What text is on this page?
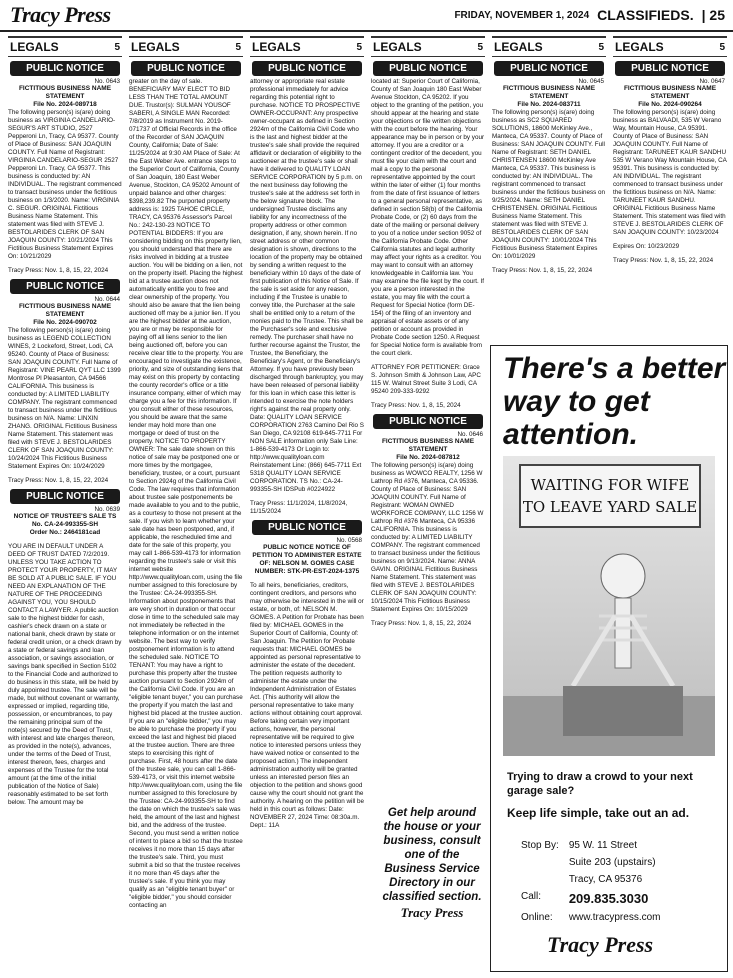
Tracy Press	FRIDAY, NOVEMBER 1, 2024 CLASSIFIEDS. | 25
LEGALS	5
PUBLIC NOTICE

No. 0643

FICTITIOUS BUSINESS NAME STATEMENT

File No. 2024-089718

The following person(s) is(are) doing business as VIRGINIA CANDELARIO-SEGUR'S ART STUDIO, 2527 Pepperoni Ln, Tracy, CA 95377. County of Place of Business: SAN JOAQUIN COUNTY. Full Name of Registrant: VIRGINIA CANDELARIO-SEGUR 2527 Pepperoni Ln. Tracy, CA 95377. This business is conducted by: AN INDIVIDUAL. The registrant commenced to transact business under the fictitious business on 1/3/2020. Name: VIRGINIA C. SEGUR. ORIGINAL Fictitious Business Name Statement. This statement was filed with STEVE J. BESTOLARIDES CLERK OF SAN JOAQUIN COUNTY: 10/21/2024 This Fictitious Business Statement Expires On: 10/21/2029

Tracy Press: Nov. 1, 8, 15, 22, 2024

PUBLIC NOTICE

No. 0644

FICTITIOUS BUSINESS NAME STATEMENT

File No. 2024-090702

The following person(s) is(are) doing business as LEGEND COLLECTION WINES, 2 Lockeford, Street, Lodi, CA 95240. County of Place of Business: SAN JOAQUIN COUNTY. Full Name of Registrant: VINE PEARL QYT LLC 1399 Montrose Pl Pleasanton, CA 94566 CALIFORNIA. This business is conducted by: A LIMITED LIABILITY COMPANY. The registrant commenced to transact business under the fictitious business on N/A. Name: LINXIN ZHANG. ORIGINAL Fictitious Business Name Statement. This statement was filed with STEVE J. BESTOLARIDES CLERK OF SAN JOAQUIN COUNTY: 10/24/2024 This Fictitious Business Statement Expires On: 10/24/2029

Tracy Press: Nov. 1, 8, 15, 22, 2024

PUBLIC NOTICE

No. 0639

NOTICE OF TRUSTEE'S SALE TS No. CA-24-993355-SH

Order No.: 2464181cad

YOU ARE IN DEFAULT UNDER A DEED OF TRUST DATED 7/2/2019. UNLESS YOU TAKE ACTION TO PROTECT YOUR PROPERTY, IT MAY BE SOLD AT A PUBLIC SALE. IF YOU NEED AN EXPLANATION OF THE NATURE OF THE PROCEEDING AGAINST YOU, YOU SHOULD CONTACT A LAWYER. A public auction sale to the highest bidder for cash, cashier's check drawn on a state or national bank, check drawn by state or federal credit union, or a check drawn by a state or federal savings and loan association, or savings association, or savings bank specified in Section 5102 to the Financial Code and authorized to do business in this state, will be held by duly appointed trustee. The sale will be made, but without covenant or warranty, expressed or implied, regarding title, possession, or encumbrances, to pay the remaining principal sum of the note(s) secured by the Deed of Trust, with interest and late charges thereon, as provided in the note(s), advances, under the terms of the Deed of Trust, interest thereon, fees, charges and expenses of the Trustee for the total amount (at the time of the initial publication of the Notice of Sale) reasonably estimated to be set forth below. The amount may be

LEGALS	5
PUBLIC NOTICE

greater on the day of sale. BENEFICIARY MAY ELECT TO BID LESS THAN THE TOTAL AMOUNT DUE. Trustor(s): SULMAN YOUSOF SABERI, A SINGLE MAN Recorded: 7/8/2019 as Instrument No. 2019-071737 of Official Records in the office of the Recorder of SAN JOAQUIN County, California; Date of Sale: 11/25/2024 at 9:30 AM Place of Sale: At the East Weber Ave. entrance steps to the Superior Court of California, County of San Joaquin, 180 East Weber Avenue, Stockton, CA 95202 Amount of unpaid balance and other charges: $398,239.82 The purported property address is: 1925 TAHOE CIRCLE, TRACY, CA 95376 Assessor's Parcel No.: 242-130-23 NOTICE TO POTENTIAL BIDDERS: If you are considering bidding on this property lien, you should understand that there are risks involved in bidding at a trustee auction. You will be bidding on a lien, not on the property itself. Placing the highest bid at a trustee auction does not automatically entitle you to free and clear ownership of the property. You should also be aware that the lien being auctioned off may be a junior lien. If you are the highest bidder at the auction, you are or may be responsible for paying off all liens senior to the lien being auctioned off, before you can receive clear title to the property. You are encouraged to investigate the existence, priority, and size of outstanding liens that may exist on this property by contacting the county recorder's office or a title insurance company, either of which may charge you a fee for this information. If you consult either of these resources, you should be aware that the same lender may hold more than one mortgage or deed of trust on the property. NOTICE TO PROPERTY OWNER: The sale date shown on this notice of sale may be postponed one or more times by the mortgagee, beneficiary, trustee, or a court, pursuant to Section 2924g of the California Civil Code. The law requires that information about trustee sale postponements be made available to you and to the public, as a courtesy to those not present at the sale. If you wish to learn whether your sale date has been postponed, and, if applicable, the rescheduled time and date for the sale of this property, you may call 1-866-539-4173 for information regarding the trustee's sale or visit this internet website http://www.qualityloan.com, using the file number assigned to this foreclosure by the Trustee: CA-24-993355-SH. Information about postponements that are very short in duration or that occur close in time to the scheduled sale may not immediately be reflected in the telephone information or on the internet website. The best way to verify postponement information is to attend the scheduled sale. NOTICE TO TENANT: You may have a right to purchase this property after the trustee auction pursuant to Section 2924m of the California Civil Code. If you are an "eligible tenant buyer," you can purchase the property if you match the last and highest bid placed at the trustee auction. If you are an "eligible bidder," you may be able to purchase the property if you exceed the last and highest bid placed at the trustee auction. There are three steps to exercising this right of purchase. First, 48 hours after the date of the trustee sale, you can call 1-866-539-4173, or visit this internet website http://www.qualityloan.com, using the file number assigned to this foreclosure by the Trustee: CA-24-993355-SH to find the date on which the trustee's sale was held, the amount of the last and highest bid, and the address of the trustee. Second, you must send a written notice of intent to place a bid so that the trustee receives it no more than 15 days after the trustee's sale. Third, you must submit a bid so that the trustee receives it no more than 45 days after the trustee's sale. If you think you may qualify as an "eligible tenant buyer" or "eligible bidder," you should consider contacting an

LEGALS	5
PUBLIC NOTICE

attorney or appropriate real estate professional immediately for advice regarding this potential right to purchase. NOTICE TO PROSPECTIVE OWNER-OCCUPANT: Any prospective owner-occupant as defined in Section 2924m of the California Civil Code who is the last and highest bidder at the trustee's sale shall provide the required affidavit or declaration of eligibility to the auctioneer at the trustee's sale or shall have it delivered to QUALITY LOAN SERVICE CORPORATION by 5 p.m. on the next business day following the trustee's sale at the address set forth in the below signature block. The undersigned Trustee disclaims any liability for any incorrectness of the property address or other common designation, if any, shown herein. If no street address or other common designation is shown, directions to the location of the property may be obtained by sending a written request to the beneficiary within 10 days of the date of first publication of this Notice of Sale. If the sale is set aside for any reason, including if the Trustee is unable to convey title, the Purchaser at the sale shall be entitled only to a return of the monies paid to the Trustee. This shall be the Purchaser's sole and exclusive remedy. The purchaser shall have no further recourse against the Trustor, the Trustee, the Beneficiary, the Beneficiary's Agent, or the Beneficiary's Attorney. If you have previously been discharged through bankruptcy, you may have been released of personal liability for this loan in which case this letter is intended to exercise the note holders right's against the real property only. Date: QUALITY LOAN SERVICE CORPORATION 2763 Camino Del Rio S San Diego, CA 92108 619-645-7711 For NON SALE information only Sale Line: 1-866-539-4173 Or Login to: http://www.qualityloan.com Reinstatement Line: (866) 645-7711 Ext 5318 QUALITY LOAN SERVICE CORPORATION. TS No.: CA-24-993355-SH IDSPub #0224922

Tracy Press: 11/1/2024, 11/8/2024, 11/15/2024

PUBLIC NOTICE

No. 0568

PUBLIC NOTICE NOTICE OF PETITION TO ADMINISTER ESTATE OF: NELSON M. GOMES CASE NUMBER: STK-PR-EST-2024-1375

To all heirs, beneficiaries, creditors, contingent creditors, and persons who may otherwise be interested in the will or estate, or both, of: NELSON M. GOMES. A Petition for Probate has been filed by: MICHAEL GOMES in the Superior Court of California, County of: San Joaquin. The Petition for Probate requests that: MICHAEL GOMES be appointed as personal representative to administer the estate of the decedent. The petition requests authority to administer the estate under the Independent Administration of Estates Act. (This authority will allow the personal representative to take many actions without obtaining court approval. Before taking certain very important actions, however, the personal representative will be required to give notice to interested persons unless they have waived notice or consented to the proposed action.) The independent administration authority will be granted unless an interested person files an objection to the petition and shows good cause why the court should not grant the authority. A hearing on the petition will be held in this court as follows: Date: NOVEMBER 27, 2024 Time: 08:30a.m. Dept.: 11A

LEGALS	5
PUBLIC NOTICE

located at: Superior Court of California, County of San Joaquin 180 East Weber Avenue Stockton, CA 95202. If you object to the granting of the petition, you should appear at the hearing and state your objections or file written objections with the court before the hearing. Your appearance may be in person or by your attorney. If you are a creditor or a contingent creditor of the decedent, you must file your claim with the court and mail a copy to the personal representative appointed by the court within the later of either (1) four months from the date of first issuance of letters to a general personal representative, as defined in section 58(b) of the California Probate Code, or (2) 60 days from the date of the mailing or personal delivery to you of a notice under section 9052 of the California Probate Code. Other California statutes and legal authority may affect your rights as a creditor. You may want to consult with an attorney knowledgeable in California law. You may examine the file kept by the court. If you are a person interested in the estate, you may file with the court a Request for Special Notice (form DE-154) of the filing of an inventory and appraisal of estate assets or of any petition or account as provided in Probate Code section 1250. A Request for Special Notice form is available from the court clerk.

ATTORNEY FOR PETITIONER: Grace S. Johnson Smith & Johnson Law, APC 115 W. Walnut Street Suite 3 Lodi, CA 95240 209-333-9292

Tracy Press: Nov. 1, 8, 15, 2024

PUBLIC NOTICE

No. 0646

FICTITIOUS BUSINESS NAME STATEMENT

File No. 2024-087812

The following person(s) is(are) doing business as WOWCO REALTY, 1256 W Lathrop Rd #376, Manteca, CA 95336. County of Place of Business: SAN JOAQUIN COUNTY. Full Name of Registrant: WOMAN OWNED WORKFORCE COMPANY, LLC 1256 W Lathrop Rd #376 Manteca, CA 95336 CALIFORNIA. This business is conducted by: A LIMITED LIABILITY COMPANY. The registrant commenced to transact business under the fictitious business on 9/13/2024. Name: ANNA GAVIN. ORIGINAL Fictitious Business Name Statement. This statement was filed with STEVE J. BESTOLARIDES CLERK OF SAN JOAQUIN COUNTY: 10/15/2024 This Fictitious Business Statement Expires On: 10/15/2029

Tracy Press: Nov. 1, 8, 15, 22, 2024

Get help around the house or your business, consult one of the Business Service Directory in our classified section.
Tracy Press
LEGALS	5
PUBLIC NOTICE

No. 0645

FICTITIOUS BUSINESS NAME STATEMENT

File No. 2024-083711

The following person(s) is(are) doing business as SC2 SQUARED SOLUTIONS, 18600 McKinley Ave., Manteca, CA 95337. County of Place of Business: SAN JOAQUIN COUNTY. Full Name of Registrant: SETH DANIEL CHRISTENSEN 18600 McKinley Ave Manteca, CA 95337. This business is conducted by: AN INDIVIDUAL. The registrant commenced to transact business under the fictitious business on 9/25/2024. Name: SETH DANIEL CHRISTENSEN. ORIGINAL Fictitious Business Name Statement. This statement was filed with STEVE J. BESTOLARIDES CLERK OF SAN JOAQUIN COUNTY: 10/01/2024 This Fictitious Business Statement Expires On: 10/01/2029

Tracy Press: Nov. 1, 8, 15, 22, 2024

LEGALS	5
PUBLIC NOTICE

No. 0647

FICTITIOUS BUSINESS NAME STATEMENT

File No. 2024-090264

The following person(s) is(are) doing business as BALVAADI, 535 W Verano Way, Mountain House, CA 95391. County of Place of Business: SAN JOAQUIN COUNTY. Full Name of Registrant: TARUNEET KAUR SANDHU 535 W Verano Way Mountain House, CA 95391. This business is conducted by: AN INDIVIDUAL. The registrant commenced to transact business under the fictitious business on N/A. Name: TARUNEET KAUR SANDHU. ORIGINAL Fictitious Business Name Statement. This statement was filed with STEVE J. BESTOLARIDES CLERK OF SAN JOAQUIN COUNTY: 10/23/2024

Expires On: 10/23/2029

Tracy Press: Nov. 1, 8, 15, 22, 2024

There's a better way to get attention.
WAITING FOR WIFE TO LEAVE YARD SALE
Trying to draw a crowd to your next garage sale?
Keep life simple, take out an ad.
Stop By:	95 W. 11 Street
	Suite 203 (upstairs)
	Tracy, CA 95376
Call:	209.835.3030
Online:	www.tracypress.com
Tracy Press
